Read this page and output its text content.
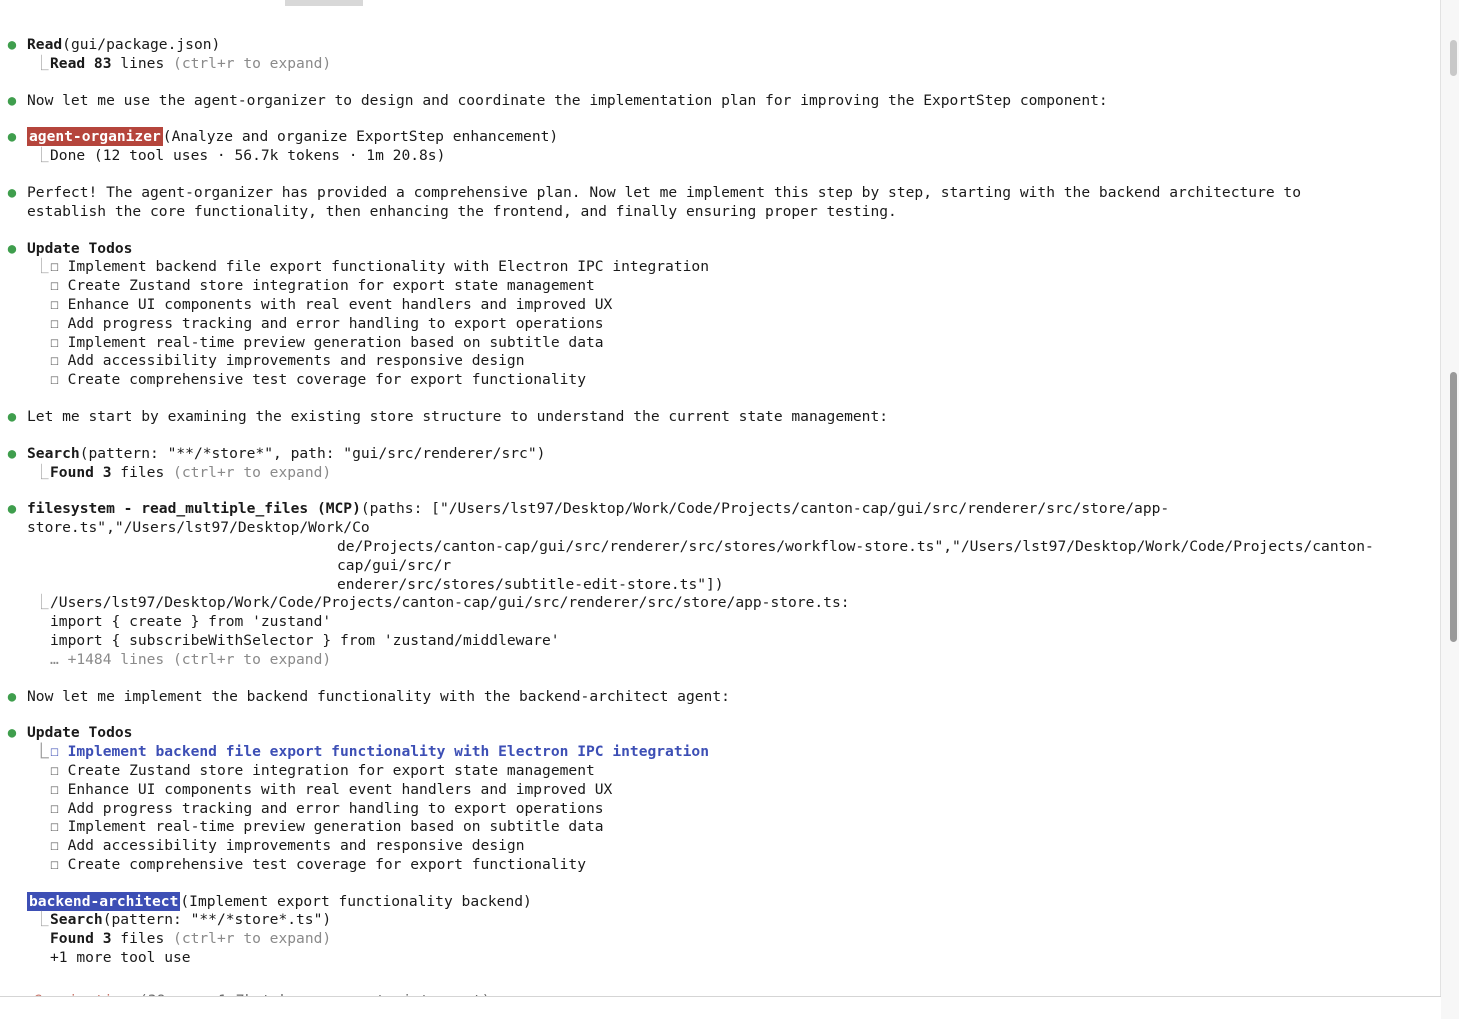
● Read(gui/package.json)
⎿ Read 83 lines (ctrl+r to expand)
● Now let me use the agent-organizer to design and coordinate the implementation plan for improving the ExportStep component:
● agent-organizer (Analyze and organize ExportStep enhancement)
⎿ Done (12 tool uses · 56.7k tokens · 1m 20.8s)
● Perfect! The agent-organizer has provided a comprehensive plan. Now let me implement this step by step, starting with the backend architecture to establish the core functionality, then enhancing the frontend, and finally ensuring proper testing.
● Update Todos
⎿ ☐ Implement backend file export functionality with Electron IPC integration
☐ Create Zustand store integration for export state management
☐ Enhance UI components with real event handlers and improved UX
☐ Add progress tracking and error handling to export operations
☐ Implement real-time preview generation based on subtitle data
☐ Add accessibility improvements and responsive design
☐ Create comprehensive test coverage for export functionality
● Let me start by examining the existing store structure to understand the current state management:
● Search(pattern: "**/*store*", path: "gui/src/renderer/src")
⎿ Found 3 files (ctrl+r to expand)
● filesystem - read_multiple_files (MCP)(paths: ["/Users/lst97/Desktop/Work/Code/Projects/canton-cap/gui/src/renderer/src/store/app-store.ts","/Users/lst97/Desktop/Work/Co
de/Projects/canton-cap/gui/src/renderer/src/stores/workflow-store.ts","/Users/lst97/Desktop/Work/Code/Projects/canton-cap/gui/src/r
enderer/src/stores/subtitle-edit-store.ts"])
⎿ /Users/lst97/Desktop/Work/Code/Projects/canton-cap/gui/src/renderer/src/store/app-store.ts:
import { create } from 'zustand'
import { subscribeWithSelector } from 'zustand/middleware'
… +1484 lines (ctrl+r to expand)
● Now let me implement the backend functionality with the backend-architect agent:
● Update Todos
⎿ ☐ Implement backend file export functionality with Electron IPC integration
☐ Create Zustand store integration for export state management
☐ Enhance UI components with real event handlers and improved UX
☐ Add progress tracking and error handling to export operations
☐ Implement real-time preview generation based on subtitle data
☐ Add accessibility improvements and responsive design
☐ Create comprehensive test coverage for export functionality
backend-architect (Implement export functionality backend)
⎿ Search(pattern: "**/*store*.ts")
Found 3 files (ctrl+r to expand)
+1 more tool use
